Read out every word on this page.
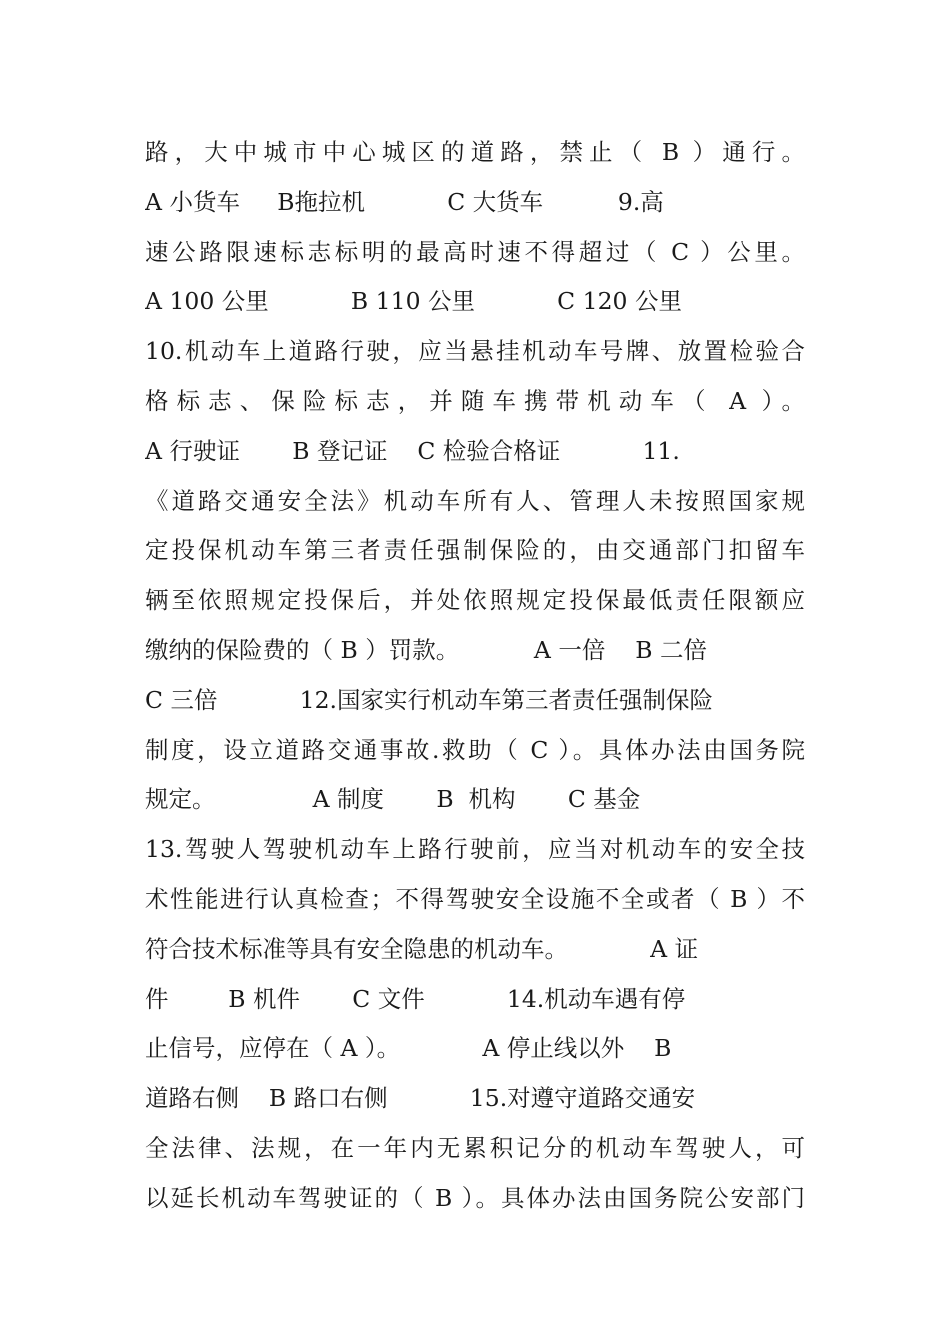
路，大中城市中心城区的道路，禁止（ B ）通行。
A 小货车     B拖拉机           C 大货车          9.高
速公路限速标志标明的最高时速不得超过（ C ）公里。
A 100 公里           B 110 公里           C 120 公里
10.机动车上道路行驶，应当悬挂机动车号牌、放置检验合
格标志、保险标志，并随车携带机动车（ A ）。
A 行驶证       B 登记证    C 检验合格证           11.
《道路交通安全法》机动车所有人、管理人未按照国家规
定投保机动车第三者责任强制保险的，由交通部门扣留车
辆至依照规定投保后，并处依照规定投保最低责任限额应
缴纳的保险费的（ B ）罚款。          A 一倍    B 二倍
C 三倍           12.国家实行机动车第三者责任强制保险
制度，设立道路交通事故.救助（ C ）。具体办法由国务院
规定。             A 制度       B  机构       C 基金
13.驾驶人驾驶机动车上路行驶前，应当对机动车的安全技
术性能进行认真检查；不得驾驶安全设施不全或者（ B ）不
符合技术标准等具有安全隐患的机动车。           A 证
件        B 机件       C 文件           14.机动车遇有停
止信号，应停在（ A ）。           A 停止线以外    B
道路右侧    B 路口右侧           15.对遵守道路交通安
全法律、法规，在一年内无累积记分的机动车驾驶人，可
以延长机动车驾驶证的（ B ）。具体办法由国务院公安部门
